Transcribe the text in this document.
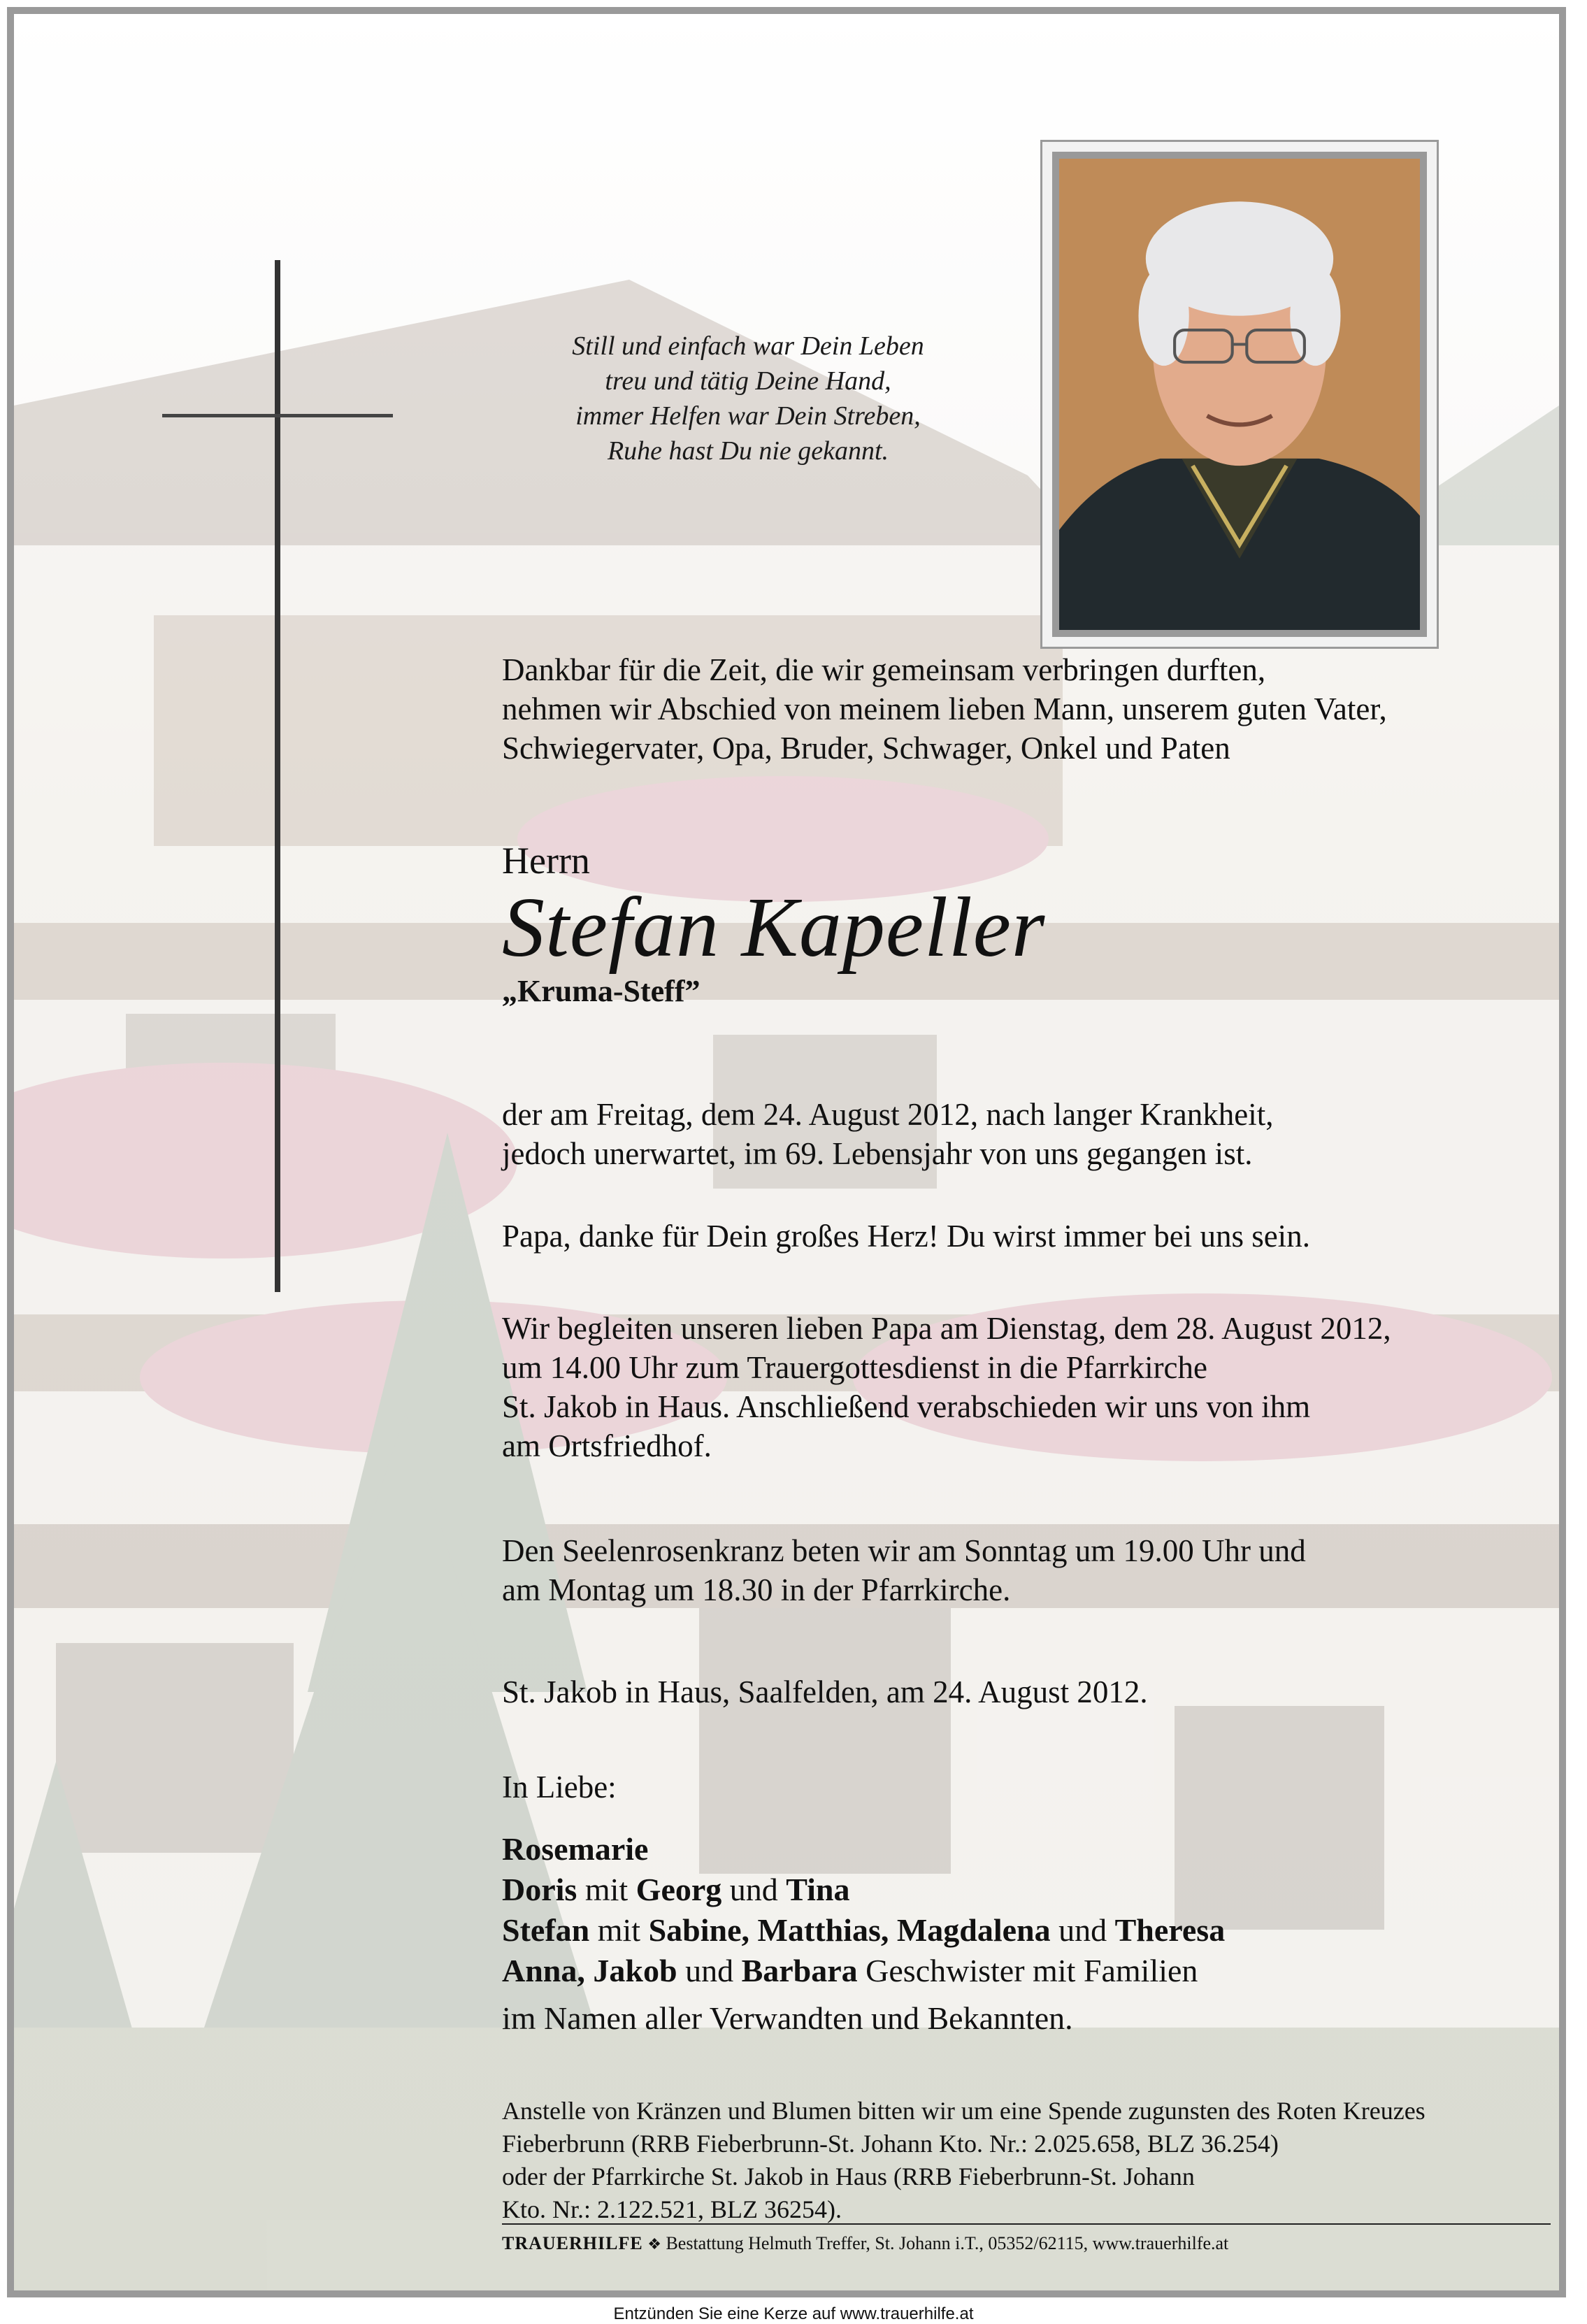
Still und einfach war Dein Leben
treu und tätig Deine Hand,
immer Helfen war Dein Streben,
Ruhe hast Du nie gekannt.

Dankbar für die Zeit, die wir gemeinsam verbringen durften,

nehmen wir Abschied von meinem lieben Mann, unserem guten Vater,

Schwiegervater, Opa, Bruder, Schwager, Onkel und Paten

Herrn
Stefan Kapeller
„Kruma-Steff”

der am Freitag, dem 24. August 2012, nach langer Krankheit,

jedoch unerwartet, im 69. Lebensjahr von uns gegangen ist.

Papa, danke für Dein großes Herz! Du wirst immer bei uns sein.

Wir begleiten unseren lieben Papa am Dienstag, dem 28. August 2012,

um 14.00 Uhr zum Trauergottesdienst in die Pfarrkirche

St. Jakob in Haus. Anschließend verabschieden wir uns von ihm

am Ortsfriedhof.

Den Seelenrosenkranz beten wir am Sonntag um 19.00 Uhr und

am Montag um 18.30 in der Pfarrkirche.

St. Jakob in Haus, Saalfelden, am 24. August 2012.

In Liebe:

Rosemarie
Doris mit Georg und Tina
Stefan mit Sabine, Matthias, Magdalena und Theresa
Anna, Jakob und Barbara Geschwister mit Familien
im Namen aller Verwandten und Bekannten.
Anstelle von Kränzen und Blumen bitten wir um eine Spende zugunsten des Roten Kreuzes
Fieberbrunn (RRB Fieberbrunn-St. Johann Kto. Nr.: 2.025.658, BLZ 36.254)
oder der Pfarrkirche St. Jakob in Haus (RRB Fieberbrunn-St. Johann
Kto. Nr.: 2.122.521, BLZ 36254).
TRAUERHILFE ❖ Bestattung Helmuth Treffer, St. Johann i.T., 05352/62115, www.trauerhilfe.at
Entzünden Sie eine Kerze auf www.trauerhilfe.at
